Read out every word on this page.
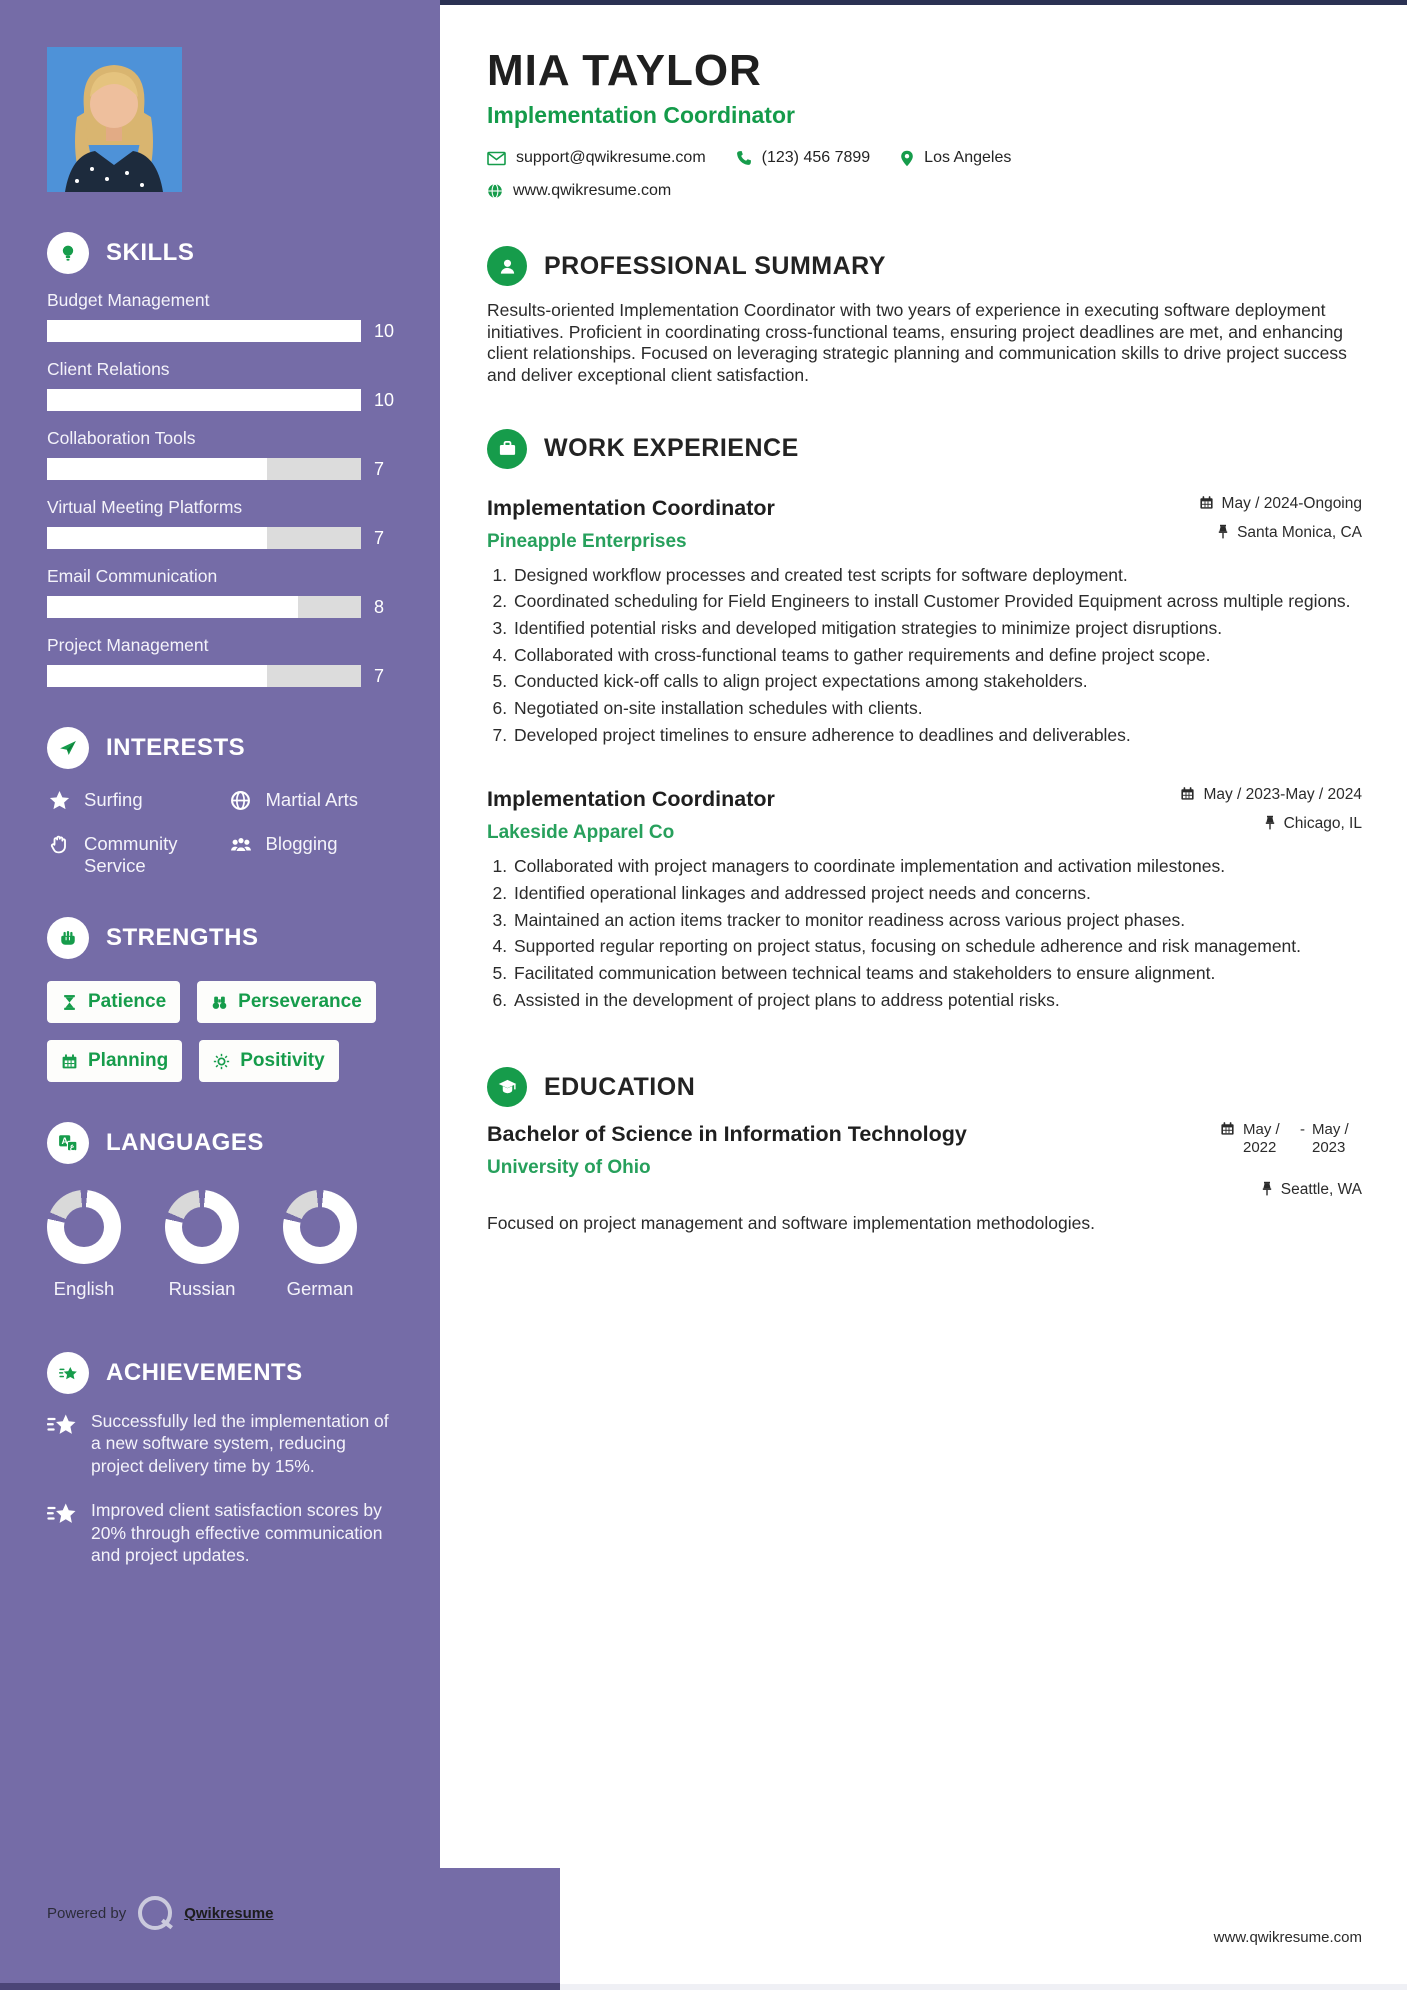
SKILLS
Budget Management
10
Client Relations
10
Collaboration Tools
7
Virtual Meeting Platforms
7
Email Communication
8
Project Management
7
INTERESTS
Surfing	Martial Arts
Community Service
Blogging
STRENGTHS
Patience	Perseverance
Planning	Positivity
A
ﻉ LANGUAGES
English	Russian	German
ACHIEVEMENTS
Successfully led the implementation of a new software system, reducing project delivery time by 15%.
Improved client satisfaction scores by 20% through effective communication and project updates.
MIA TAYLOR
Implementation Coordinator
support@qwikresume.com	(123) 456 7899	Los Angeles
www.qwikresume.com
PROFESSIONAL SUMMARY

Results-oriented Implementation Coordinator with two years of experience in executing software deployment initiatives. Proficient in coordinating cross-functional teams, ensuring project deadlines are met, and enhancing client relationships. Focused on leveraging strategic planning and communication skills to drive project success and deliver exceptional client satisfaction.

WORK EXPERIENCE
Implementation Coordinator
Pineapple Enterprises
May / 2024-Ongoing
Santa Monica, CA
1. Designed workflow processes and created test scripts for software deployment.
2. Coordinated scheduling for Field Engineers to install Customer Provided Equipment across multiple regions.
3. Identified potential risks and developed mitigation strategies to minimize project disruptions.
4. Collaborated with cross-functional teams to gather requirements and define project scope.
5. Conducted kick-off calls to align project expectations among stakeholders.
6. Negotiated on-site installation schedules with clients.
7. Developed project timelines to ensure adherence to deadlines and deliverables.
Implementation Coordinator
Lakeside Apparel Co
May / 2023-May / 2024
Chicago, IL
1. Collaborated with project managers to coordinate implementation and activation milestones.
2. Identified operational linkages and addressed project needs and concerns.
3. Maintained an action items tracker to monitor readiness across various project phases.
4. Supported regular reporting on project status, focusing on schedule adherence and risk management.
5. Facilitated communication between technical teams and stakeholders to ensure alignment.
6. Assisted in the development of project plans to address potential risks.
EDUCATION
Bachelor of Science in Information Technology
University of Ohio
May / 2022
- May / 2023
Seattle, WA

Focused on project management and software implementation methodologies.

Powered by	Qwikresume
www.qwikresume.com
